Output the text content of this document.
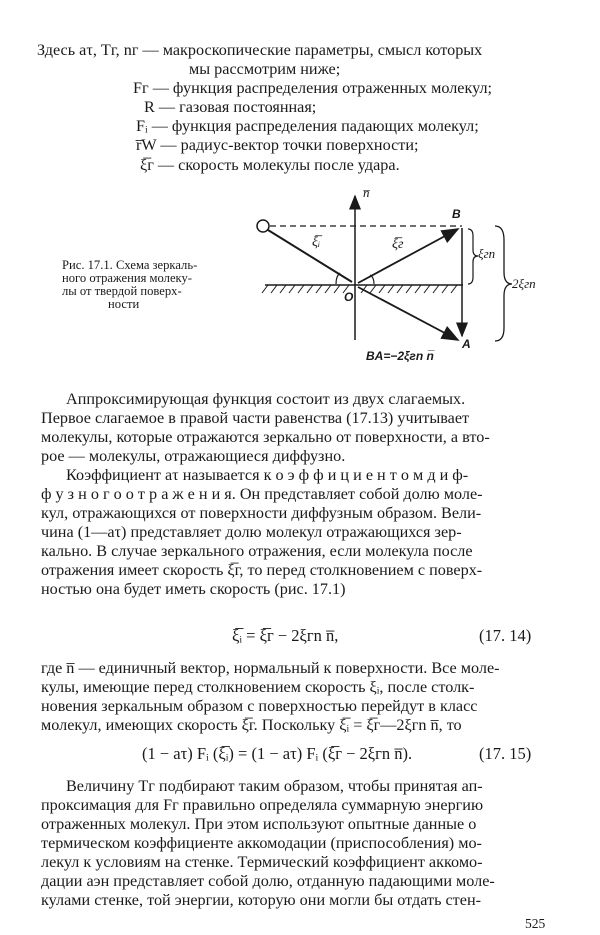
Здесь aτ, Tг, nг — макроскопические параметры, смысл которых
мы рассмотрим ниже;
Fг — функция распределения отраженных молекул;
R — газовая постоянная;
Fᵢ — функция распределения падающих молекул;
r̅W — радиус-вектор точки поверхности;
ξ̅г — скорость молекулы после удара.
Рис. 17.1. Схема зеркаль-
ного отражения молеку-
лы от твердой поверх-
ности
n̅
B
ξ̅ᵢ	ξ̅г
ξгn
2ξгn
O
A
BA=−2ξгn n̅
Аппроксимирующая функция состоит из двух слагаемых.
Первое слагаемое в правой части равенства (17.13) учитывает
молекулы, которые отражаются зеркально от поверхности, а вто-
рое — молекулы, отражающиеся диффузно.
Коэффициент aτ называется к о э ф ф и ц и е н т о м д и ф-
ф у з н о г о о т р а ж е н и я. Он представляет собой долю моле-
кул, отражающихся от поверхности диффузным образом. Вели-
чина (1—aτ) представляет долю молекул отражающихся зер-
кально. В случае зеркального отражения, если молекула после
отражения имеет скорость ξ̅г, то перед столкновением с поверх-
ностью она будет иметь скорость (рис. 17.1)
ξ̅ᵢ = ξ̅г − 2ξгn n̅,	(17. 14)
где n̅ — единичный вектор, нормальный к поверхности. Все моле-
кулы, имеющие перед столкновением скорость ξᵢ, после столк-
новения зеркальным образом с поверхностью перейдут в класс
молекул, имеющих скорость ξ̅г. Поскольку ξ̅ᵢ = ξ̅г—2ξгn n̅, то
(1 − aτ) Fᵢ (ξ̅ᵢ) = (1 − aτ) Fᵢ (ξ̅г − 2ξгn n̅).	(17. 15)
Величину Tг подбирают таким образом, чтобы принятая ап-
проксимация для Fг правильно определяла суммарную энергию
отраженных молекул. При этом используют опытные данные о
термическом коэффициенте аккомодации (приспособления) мо-
лекул к условиям на стенке. Термический коэффициент аккомо-
дации aэн представляет собой долю, отданную падающими моле-
кулами стенке, той энергии, которую они могли бы отдать стен-
525
